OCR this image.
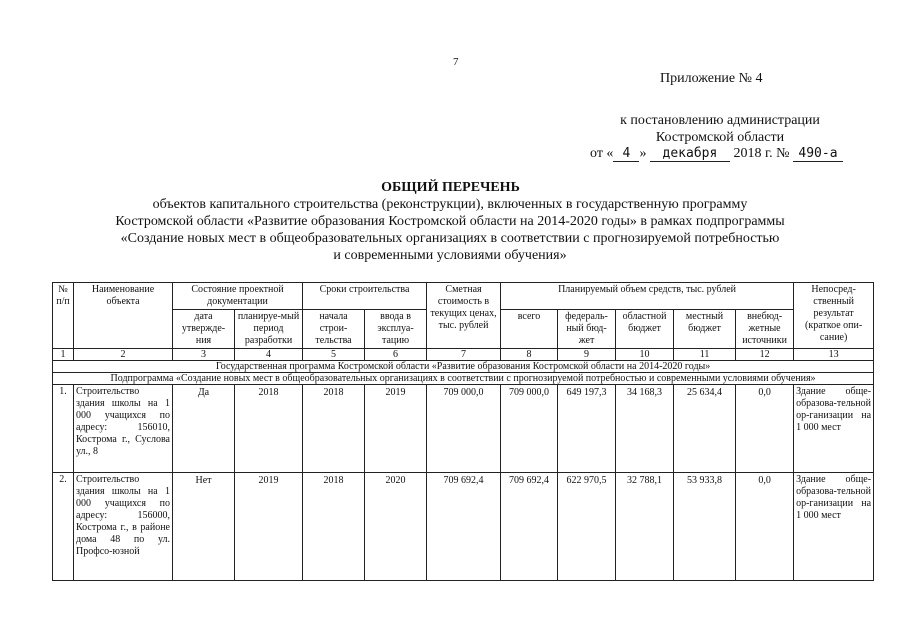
7
Приложение № 4
к постановлению администрации
Костромской области
от « 4 » декабря 2018 г. № 490-а
ОБЩИЙ ПЕРЕЧЕНЬ
объектов капитального строительства (реконструкции), включенных в государственную программу
Костромской области «Развитие образования Костромской области на 2014-2020 годы» в рамках подпрограммы
«Создание новых мест в общеобразовательных организациях в соответствии с прогнозируемой потребностью
и современными условиями обучения»
№ п/п	Наименование объекта	Состояние проектной документации		Сроки строительства		Сметная стоимость в текущих ценах, тыс. рублей	Планируемый объем средств, тыс. рублей					Непосред-ственный результат (краткое опи-сание)
		дата утвержде-ния	планируе-мый период разработки	начала строи-тельства	ввода в эксплуа-тацию		всего	федераль-ный бюд-жет	областной бюджет	местный бюджет	внебюд-жетные источники	
1	2	3	4	5	6	7	8	9	10	11	12	13
Государственная программа Костромской области «Развитие образования Костромской области на 2014-2020 годы»												
Подпрограмма «Создание новых мест в общеобразовательных организациях в соответствии с прогнозируемой потребностью и современными условиями обучения»												
1.	Строительство здания школы на 1 000 учащихся по адресу: 156010, Кострома г., Суслова ул., 8	Да	2018	2018	2019	709 000,0	709 000,0	649 197,3	34 168,3	25 634,4	0,0	Здание обще-образова-тельной ор-ганизации на 1 000 мест
2.	Строительство здания школы на 1 000 учащихся по адресу: 156000, Кострома г., в районе дома 48 по ул. Профсо-юзной	Нет	2019	2018	2020	709 692,4	709 692,4	622 970,5	32 788,1	53 933,8	0,0	Здание обще-образова-тельной ор-ганизации на 1 000 мест
